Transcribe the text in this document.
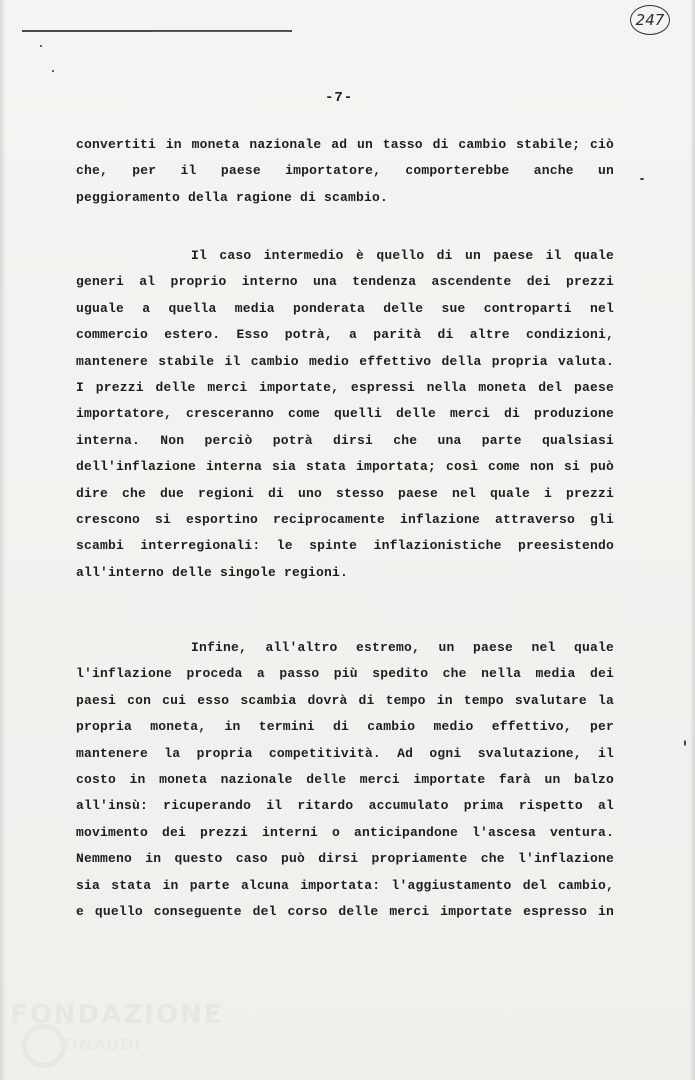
247
-7-
convertiti in moneta nazionale ad un tasso di cambio stabile; ciò
che, per il paese importatore, comporterebbe anche un
peggioramento della ragione di scambio.
Il caso intermedio è quello di un paese il quale
generi al proprio interno una tendenza ascendente dei prezzi
uguale a quella media ponderata delle sue controparti nel
commercio estero. Esso potrà, a parità di altre condizioni,
mantenere stabile il cambio medio effettivo della propria valuta.
I prezzi delle merci importate, espressi nella moneta del paese
importatore, cresceranno come quelli delle merci di produzione
interna. Non perciò potrà dirsi che una parte qualsiasi
dell'inflazione interna sia stata importata; così come non si può
dire che due regioni di uno stesso paese nel quale i prezzi
crescono si esportino reciprocamente inflazione attraverso gli
scambi interregionali: le spinte inflazionistiche preesistendo
all'interno delle singole regioni.
Infine, all'altro estremo, un paese nel quale
l'inflazione proceda a passo più spedito che nella media dei
paesi con cui esso scambia dovrà di tempo in tempo svalutare la
propria moneta, in termini di cambio medio effettivo, per
mantenere la propria competitività. Ad ogni svalutazione, il
costo in moneta nazionale delle merci importate farà un balzo
all'insù: ricuperando il ritardo accumulato prima rispetto al
movimento dei prezzi interni o anticipandone l'ascesa ventura.
Nemmeno in questo caso può dirsi propriamente che l'inflazione
sia stata in parte alcuna importata: l'aggiustamento del cambio,
e quello conseguente del corso delle merci importate espresso in
FONDAZIONE
EINAUDI
